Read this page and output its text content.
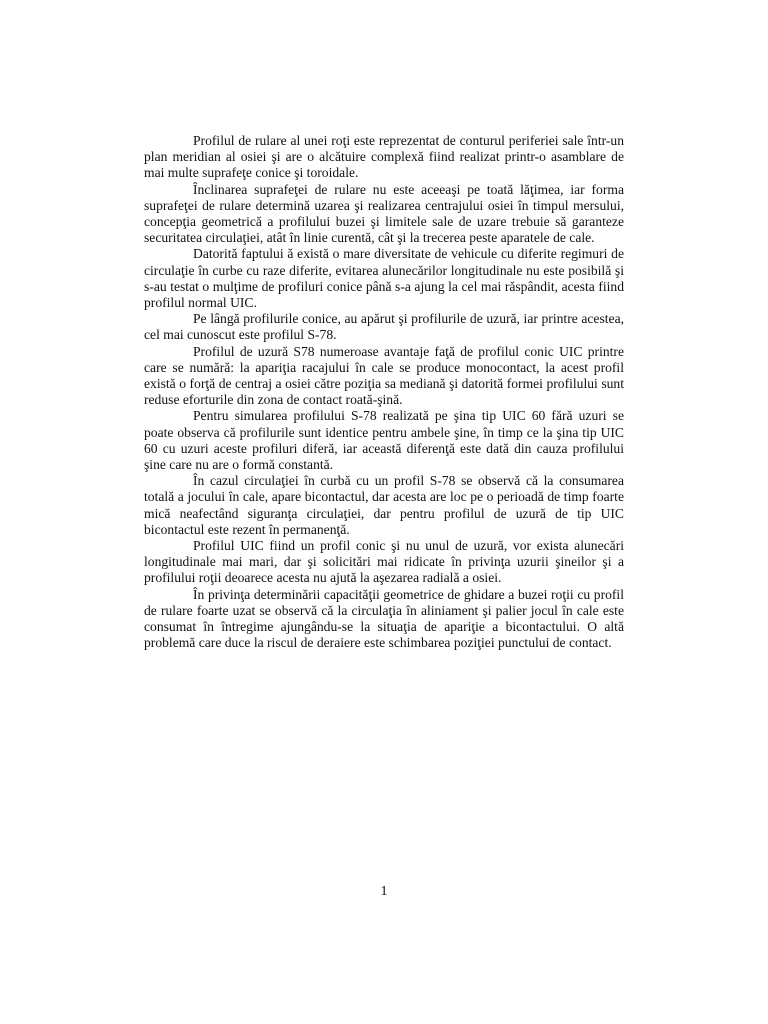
Profilul de rulare al unei roţi este reprezentat de conturul periferiei sale într-un plan meridian al osiei şi are o alcătuire complexă fiind realizat printr-o asamblare de mai multe suprafeţe conice şi toroidale.

Înclinarea suprafeţei de rulare nu este aceeaşi pe toată lăţimea, iar forma suprafeţei de rulare determină uzarea şi realizarea centrajului osiei în timpul mersului, concepţia geometrică a profilului buzei şi limitele sale de uzare trebuie să garanteze securitatea circulaţiei, atât în linie curentă, cât şi la trecerea peste aparatele de cale.

Datorită faptului ă există o mare diversitate de vehicule cu diferite regimuri de circulaţie în curbe cu raze diferite, evitarea alunecărilor longitudinale nu este posibilă şi s-au testat o mulţime de profiluri conice până s-a ajung la cel mai răspândit, acesta fiind profilul normal UIC.

Pe lângă profilurile conice, au apărut şi profilurile de uzură, iar printre acestea, cel mai cunoscut este profilul S-78.

Profilul de uzură S78 numeroase avantaje faţă de profilul conic UIC printre care se numără: la apariţia racajului în cale se produce monocontact, la acest profil există o forţă de centraj a osiei către poziţia sa mediană şi datorită formei profilului sunt reduse eforturile din zona de contact roată-şină.

Pentru simularea profilului S-78 realizată pe şina tip UIC 60 fără uzuri se poate observa că profilurile sunt identice pentru ambele şine, în timp ce la şina tip UIC 60 cu uzuri aceste profiluri diferă, iar această diferenţă este dată din cauza profilului şine care nu are o formă constantă.

În cazul circulaţiei în curbă cu un profil S-78 se observă că la consumarea totală a jocului în cale, apare bicontactul, dar acesta are loc pe o perioadă de timp foarte mică neafectând siguranţa circulaţiei, dar pentru profilul de uzură de tip UIC bicontactul este rezent în permanenţă.

Profilul UIC fiind un profil conic şi nu unul de uzură, vor exista alunecări longitudinale mai mari, dar şi solicitări mai ridicate în privinţa uzurii şineilor şi a profilului roţii deoarece acesta nu ajută la aşezarea radială a osiei.

În privinţa determinării capacităţii geometrice de ghidare a buzei roţii cu profil de rulare foarte uzat se observă că la circulaţia în aliniament şi palier jocul în cale este consumat în întregime ajungându-se la situaţia de apariţie a bicontactului. O altă problemă care duce la riscul de deraiere este schimbarea poziţiei punctului de contact.

1
